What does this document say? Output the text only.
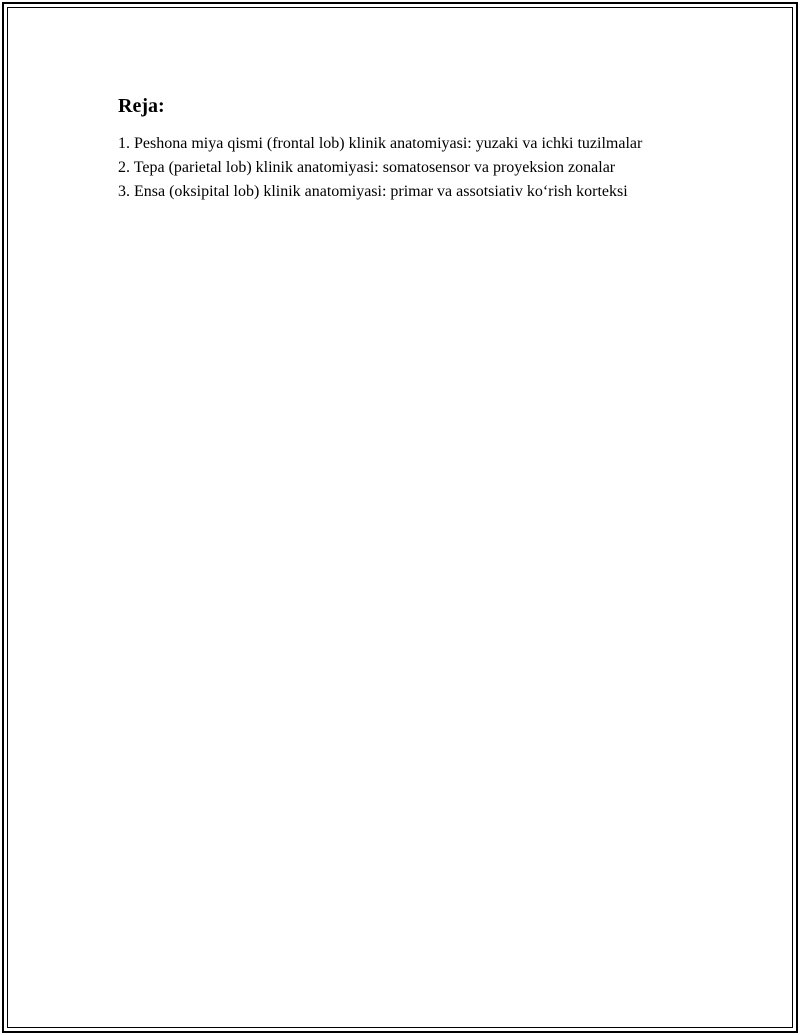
Reja:
1. Peshona miya qismi (frontal lob) klinik anatomiyasi: yuzaki va ichki tuzilmalar
2. Tepa (parietal lob) klinik anatomiyasi: somatosensor va proyeksion zonalar
3. Ensa (oksipital lob) klinik anatomiyasi: primar va assotsiativ ko‘rish korteksi
